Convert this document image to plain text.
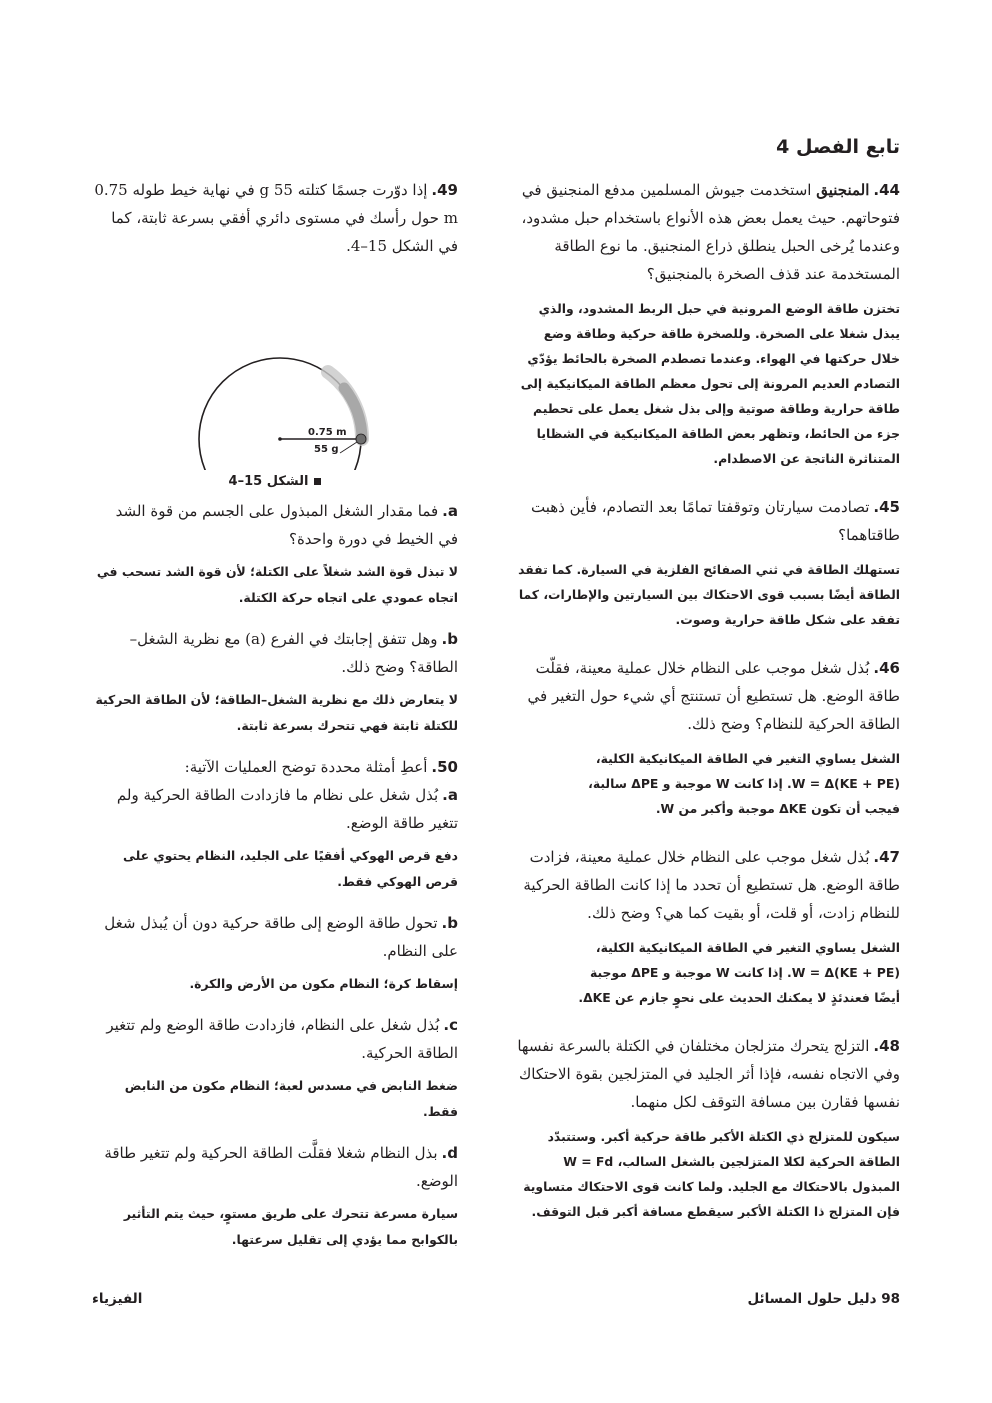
تابع الفصل 4

44.المنجنيق استخدمت جيوش المسلمين مدفع المنجنيق في فتوحاتهم. حيث يعمل بعض هذه الأنواع باستخدام حبل مشدود، وعندما يُرخى الحبل ينطلق ذراع المنجنيق. ما نوع الطاقة المستخدمة عند قذف الصخرة بالمنجنيق؟

تختزن طاقة الوضع المرونية في حبل الربط المشدود، والذي يبذل شغلا على الصخرة. وللصخرة طاقة حركية وطاقة وضع خلال حركتها في الهواء. وعندما تصطدم الصخرة بالحائط يؤدّي التصادم العديم المرونة إلى تحول معظم الطاقة الميكانيكية إلى طاقة حرارية وطاقة صوتية وإلى بذل شغل يعمل على تحطيم جزء من الحائط، وتظهر بعض الطاقة الميكانيكية في الشظايا المتناثرة الناتجة عن الاصطدام.

45.تصادمت سيارتان وتوقفتا تمامًا بعد التصادم، فأين ذهبت طاقتاهما؟

تستهلك الطاقة في ثني الصفائح الفلزية في السيارة. كما تفقد الطاقة أيضًا بسبب قوى الاحتكاك بين السيارتين والإطارات، كما تفقد على شكل طاقة حرارية وصوت.

46.بُذل شغل موجب على النظام خلال عملية معينة، فقلّت طاقة الوضع. هل تستطيع أن تستنتج أي شيء حول التغير في الطاقة الحركية للنظام؟ وضح ذلك.

الشغل يساوي التغير في الطاقة الميكانيكية الكلية،
W = Δ(KE + PE). إذا كانت W موجبة و ΔPE سالبة،
فيجب أن تكون ΔKE موجبة وأكبر من W.

47.بُذل شغل موجب على النظام خلال عملية معينة، فزادت طاقة الوضع. هل تستطيع أن تحدد ما إذا كانت الطاقة الحركية للنظام زادت، أو قلت، أو بقيت كما هي؟ وضح ذلك.

الشغل يساوي التغير في الطاقة الميكانيكية الكلية،
W = Δ(KE + PE). إذا كانت W موجبة و ΔPE موجبة
أيضًا فعندئذٍ لا يمكنك الحديث على نحوٍ جازم عن ΔKE.

48.التزلج يتحرك متزلجان مختلفان في الكتلة بالسرعة نفسها وفي الاتجاه نفسه، فإذا أثر الجليد في المتزلجين بقوة الاحتكاك نفسها فقارن بين مسافة التوقف لكل منهما.

سيكون للمتزلج ذي الكتلة الأكبر طاقة حركية أكبر. وستتبدّد الطاقة الحركية لكلا المتزلجين بالشغل السالب، W = Fd المبذول بالاحتكاك مع الجليد. ولما كانت قوى الاحتكاك متساوية فإن المتزلج ذا الكتلة الأكبر سيقطع مسافة أكبر قبل التوقف.

49.إذا دوّرت جسمًا كتلته 55 g في نهاية خيط طوله 0.75 m حول رأسك في مستوى دائري أفقي بسرعة ثابتة، كما في الشكل 15–4.

0.75 m
55 g
الشكل 15–4

a.فما مقدار الشغل المبذول على الجسم من قوة الشد في الخيط في دورة واحدة؟

لا تبذل قوة الشد شغلاً على الكتلة؛ لأن قوة الشد تسحب في اتجاه عمودي على اتجاه حركة الكتلة.

b.وهل تتفق إجابتك في الفرع (a) مع نظرية الشغل–الطاقة؟ وضح ذلك.

لا يتعارض ذلك مع نظرية الشغل–الطاقة؛ لأن الطاقة الحركية للكتلة ثابتة فهي تتحرك بسرعة ثابتة.

50.أعطِ أمثلة محددة توضح العمليات الآتية:

a.بُذل شغل على نظام ما فازدادت الطاقة الحركية ولم تتغير طاقة الوضع.

دفع قرص الهوكي أفقيًا على الجليد، النظام يحتوي على قرص الهوكي فقط.

b.تحول طاقة الوضع إلى طاقة حركية دون أن يُبذل شغل على النظام.

إسقاط كرة؛ النظام مكون من الأرض والكرة.

c.بُذل شغل على النظام، فازدادت طاقة الوضع ولم تتغير الطاقة الحركية.

ضغط النابض في مسدس لعبة؛ النظام مكون من النابض فقط.

d.بذل النظام شغلا فقلَّت الطاقة الحركية ولم تتغير طاقة الوضع.

سيارة مسرعة تتحرك على طريق مستوٍ، حيث يتم التأثير بالكوابح مما يؤدي إلى تقليل سرعتها.

98 دليل حلول المسائل
الفيزياء
